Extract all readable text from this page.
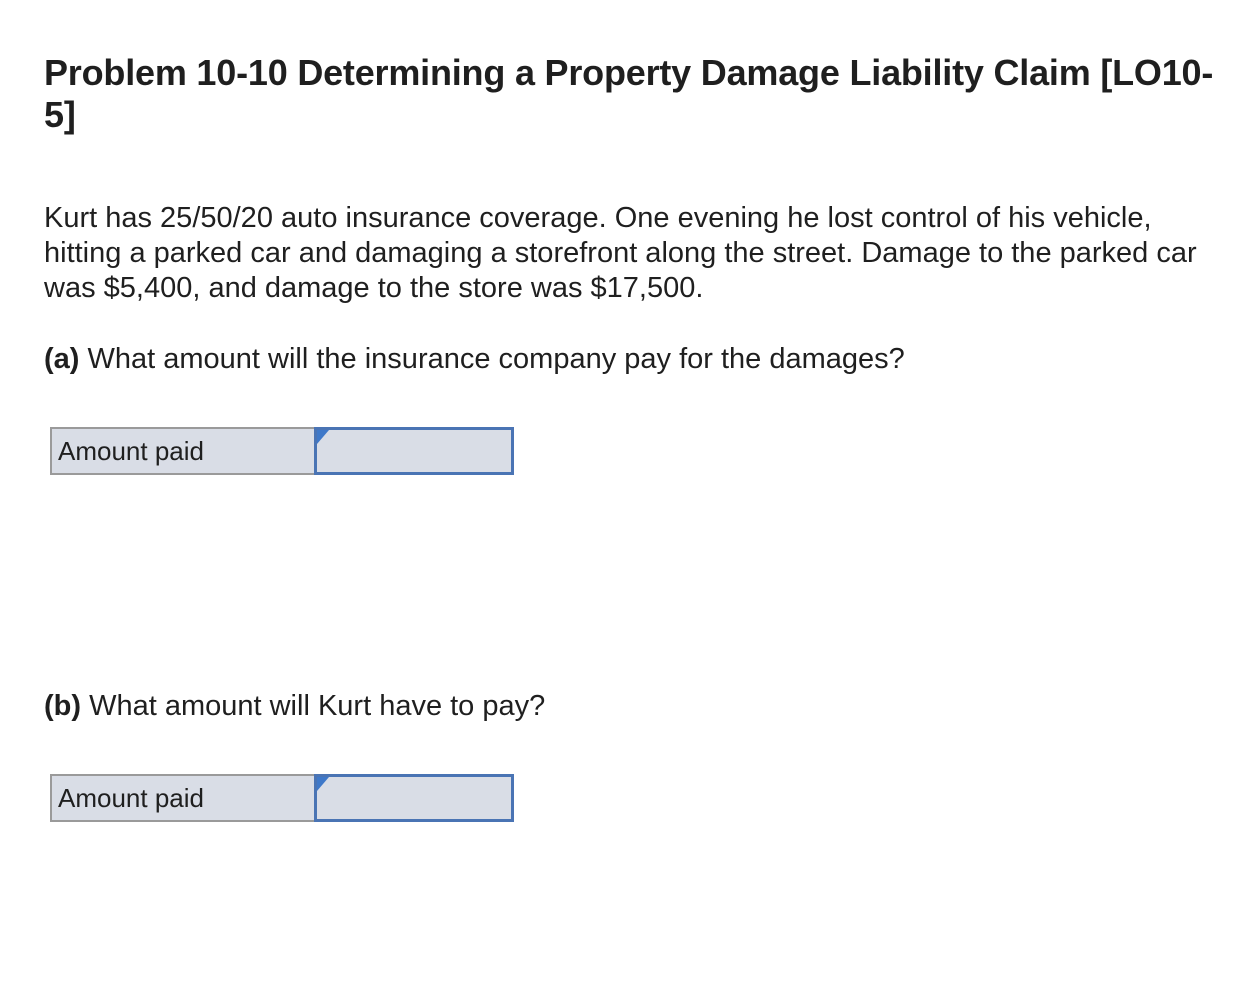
Problem 10-10 Determining a Property Damage Liability Claim [LO10-5]

Kurt has 25/50/20 auto insurance coverage. One evening he lost control of his vehicle, hitting a parked car and damaging a storefront along the street. Damage to the parked car was $5,400, and damage to the store was $17,500.

(a) What amount will the insurance company pay for the damages?

Amount paid

(b) What amount will Kurt have to pay?

Amount paid
